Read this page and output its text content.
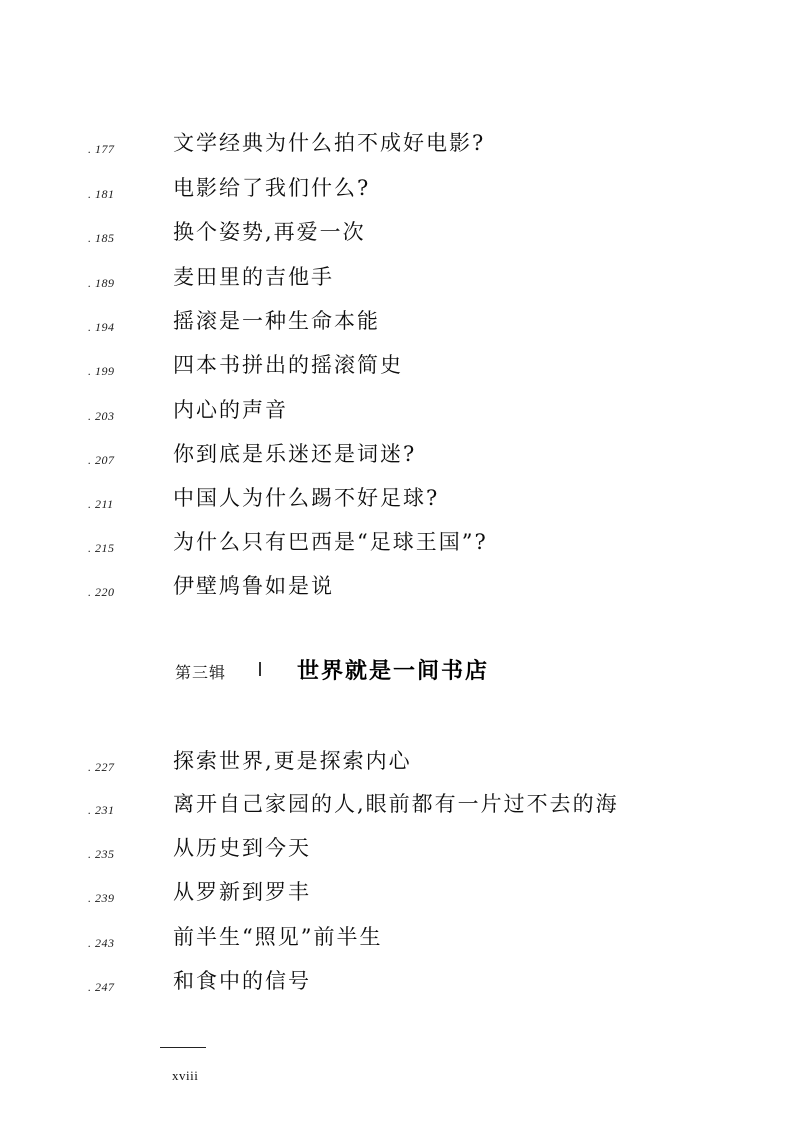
. 177	文学经典为什么拍不成好电影?
. 181	电影给了我们什么?
. 185	换个姿势,再爱一次
. 189	麦田里的吉他手
. 194	摇滚是一种生命本能
. 199	四本书拼出的摇滚简史
. 203	内心的声音
. 207	你到底是乐迷还是词迷?
. 211	中国人为什么踢不好足球?
. 215	为什么只有巴西是“足球王国”?
. 220	伊壁鸠鲁如是说
第三辑	世界就是一间书店
. 227	探索世界,更是探索内心
. 231	离开自己家园的人,眼前都有一片过不去的海
. 235	从历史到今天
. 239	从罗新到罗丰
. 243	前半生“照见”前半生
. 247	和食中的信号
xviii
